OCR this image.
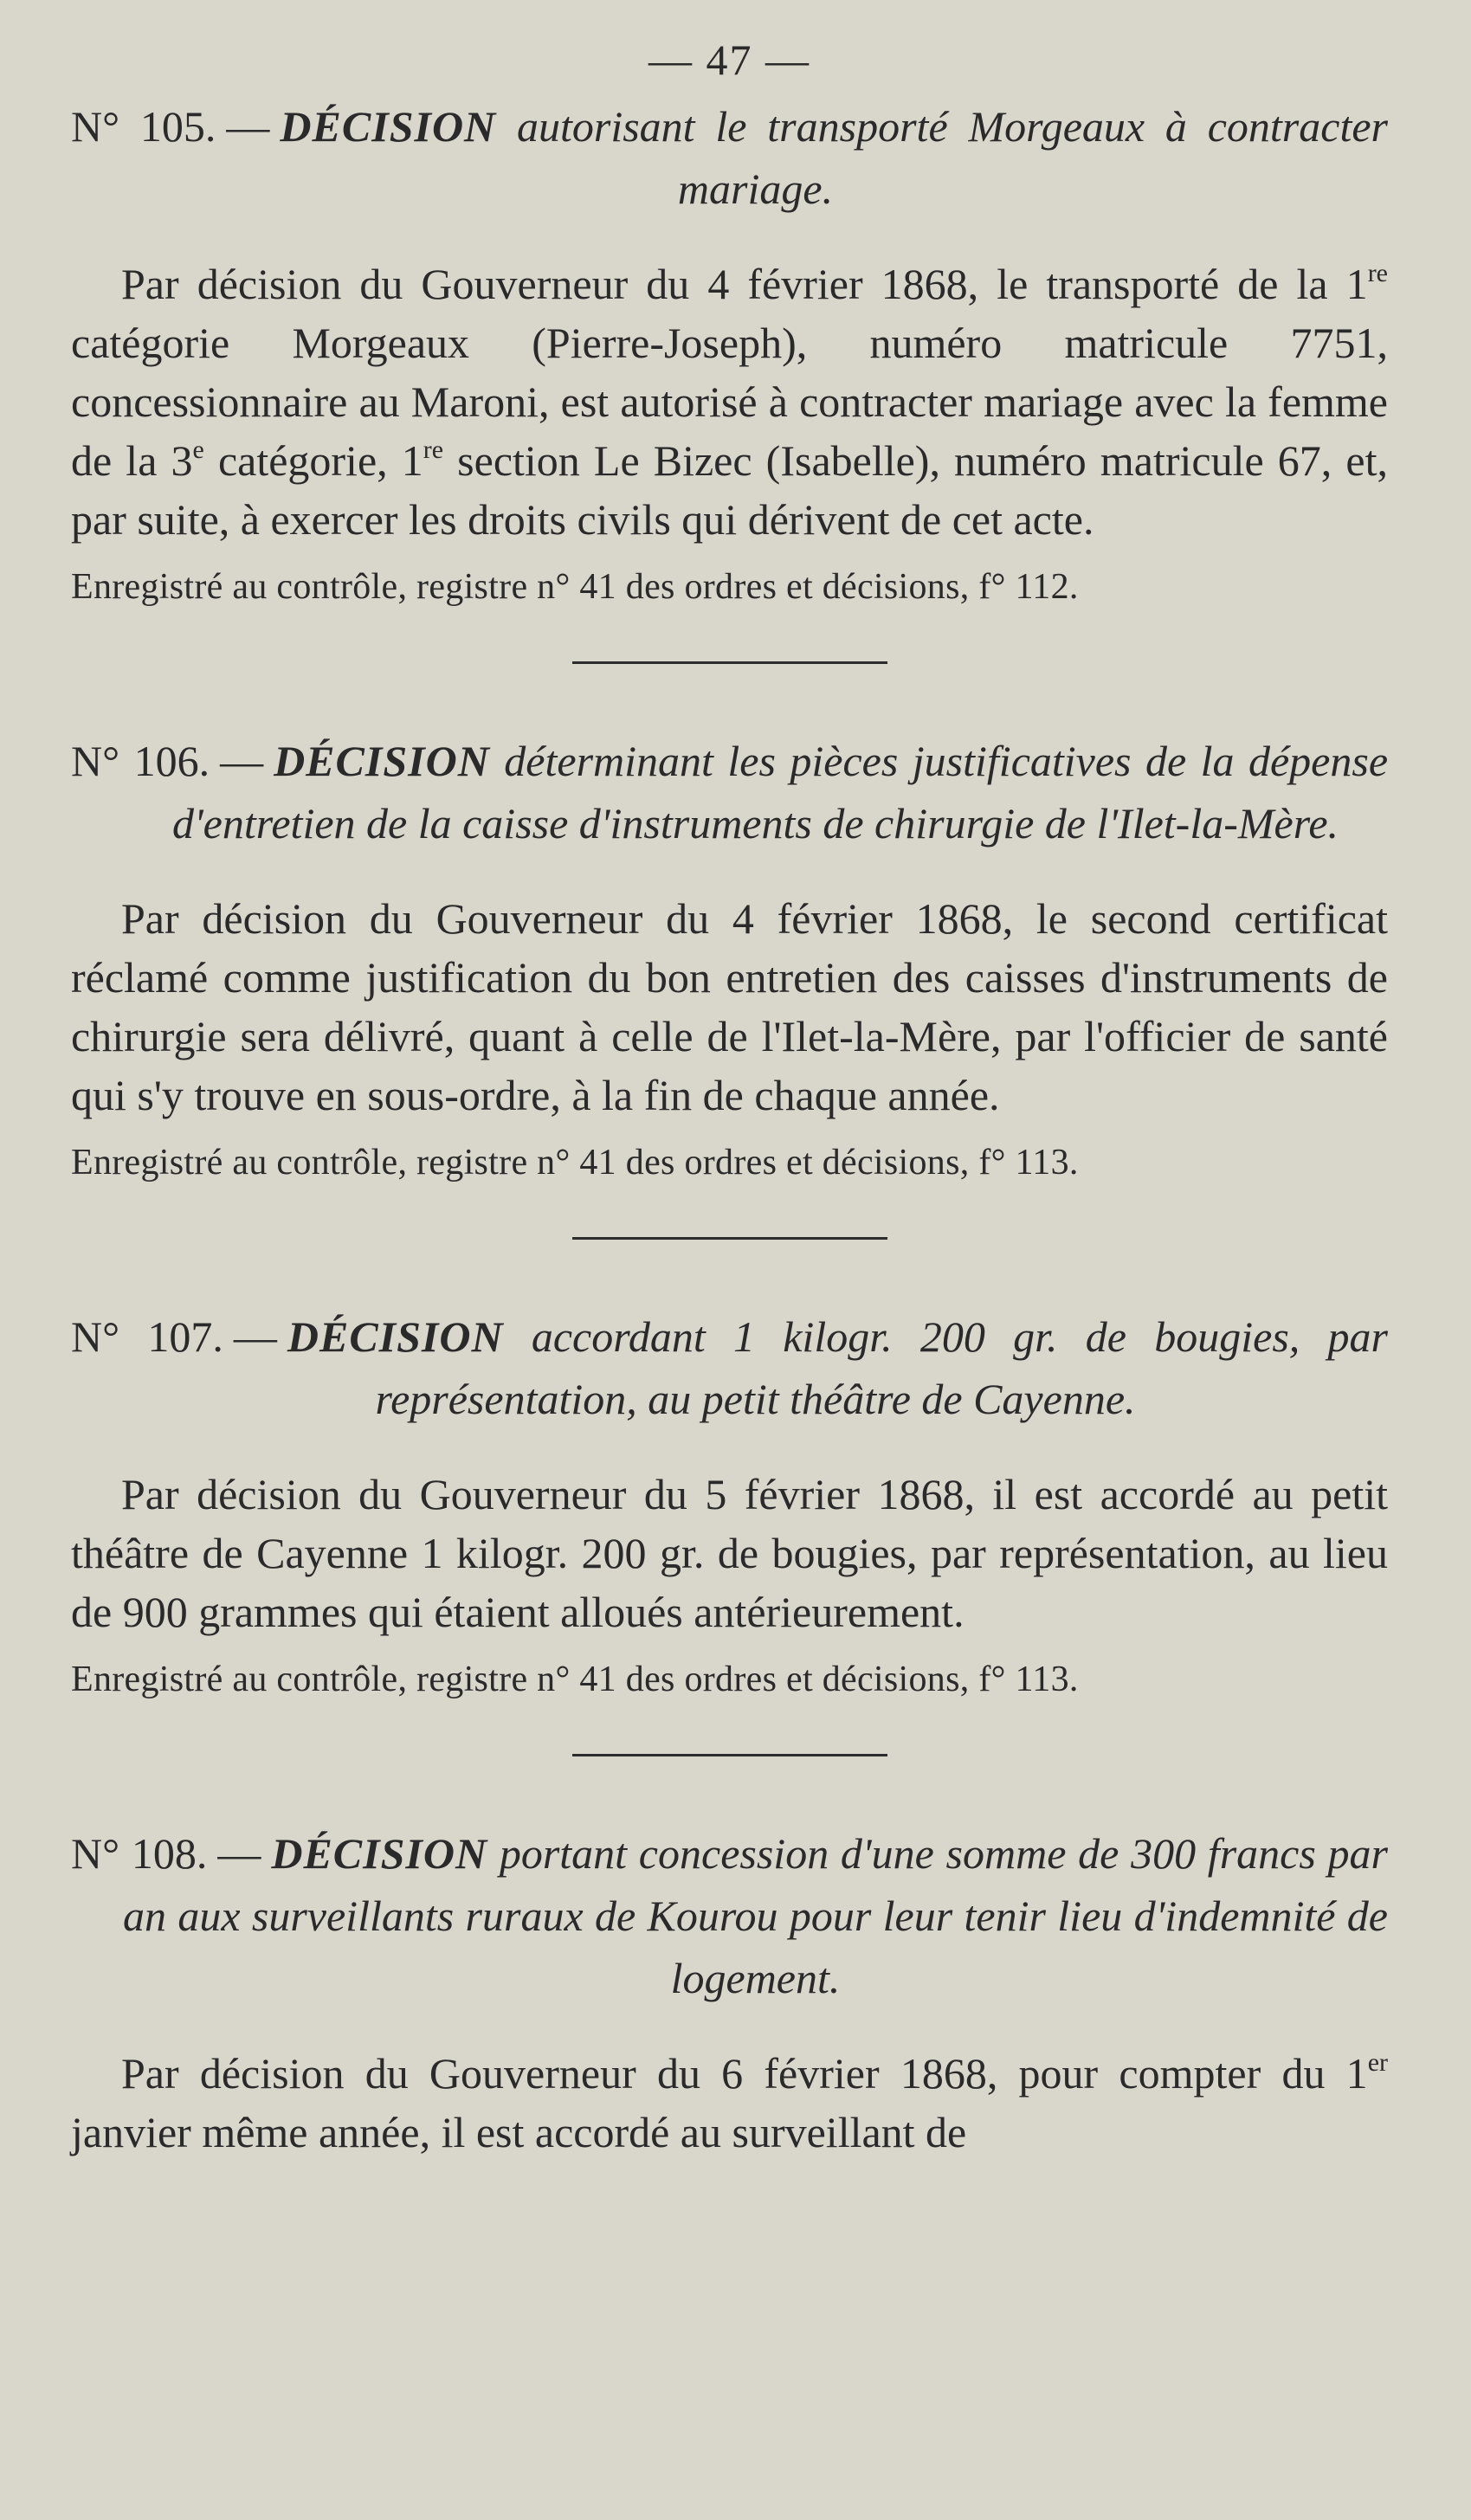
— 47 —

N° 105. — DÉCISION autorisant le transporté Morgeaux à contracter mariage.

Par décision du Gouverneur du 4 février 1868, le transporté de la 1re catégorie Morgeaux (Pierre-Joseph), numéro matricule 7751, concessionnaire au Maroni, est autorisé à contracter mariage avec la femme de la 3e catégorie, 1re section Le Bizec (Isabelle), numéro matricule 67, et, par suite, à exercer les droits civils qui dérivent de cet acte.

Enregistré au contrôle, registre n° 41 des ordres et décisions, f° 112.

N° 106. — DÉCISION déterminant les pièces justificatives de la dépense d'entretien de la caisse d'instruments de chirurgie de l'Ilet-la-Mère.

Par décision du Gouverneur du 4 février 1868, le second certificat réclamé comme justification du bon entretien des caisses d'instruments de chirurgie sera délivré, quant à celle de l'Ilet-la-Mère, par l'officier de santé qui s'y trouve en sous-ordre, à la fin de chaque année.

Enregistré au contrôle, registre n° 41 des ordres et décisions, f° 113.

N° 107. — DÉCISION accordant 1 kilogr. 200 gr. de bougies, par représentation, au petit théâtre de Cayenne.

Par décision du Gouverneur du 5 février 1868, il est accordé au petit théâtre de Cayenne 1 kilogr. 200 gr. de bougies, par représentation, au lieu de 900 grammes qui étaient alloués antérieurement.

Enregistré au contrôle, registre n° 41 des ordres et décisions, f° 113.

N° 108. — DÉCISION portant concession d'une somme de 300 francs par an aux surveillants ruraux de Kourou pour leur tenir lieu d'indemnité de logement.

Par décision du Gouverneur du 6 février 1868, pour compter du 1er janvier même année, il est accordé au surveillant de
